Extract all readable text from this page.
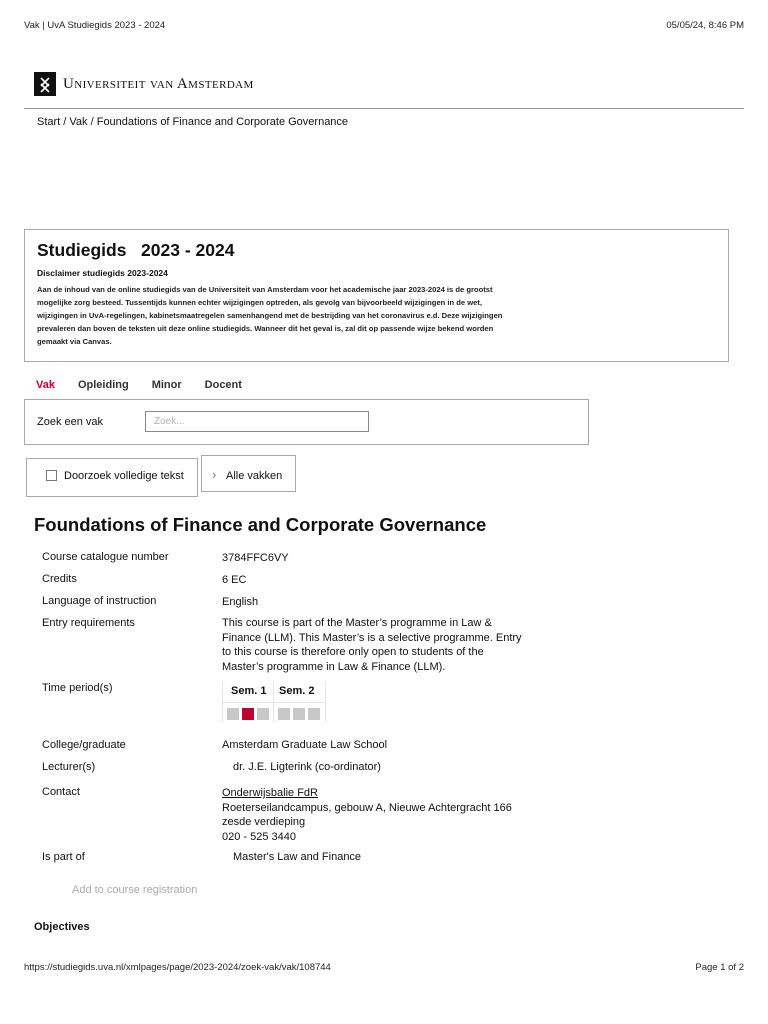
Vak | UvA Studiegids 2023 - 2024	05/05/24, 8:46 PM
Universiteit van Amsterdam
Start / Vak / Foundations of Finance and Corporate Governance
Studiegids   2023 - 2024
Disclaimer studiegids 2023-2024
Aan de inhoud van de online studiegids van de Universiteit van Amsterdam voor het academische jaar 2023-2024 is de grootst
mogelijke zorg besteed. Tussentijds kunnen echter wijzigingen optreden, als gevolg van bijvoorbeeld wijzigingen in de wet,
wijzigingen in UvA-regelingen, kabinetsmaatregelen samenhangend met de bestrijding van het coronavirus e.d. Deze wijzigingen
prevaleren dan boven de teksten uit deze online studiegids. Wanneer dit het geval is, zal dit op passende wijze bekend worden
gemaakt via Canvas.
Vak Opleiding Minor Docent
Zoek een vak
Zoek...
Doorzoek volledige tekst › Alle vakken
Foundations of Finance and Corporate Governance
Course catalogue number	3784FFC6VY
Credits	6 EC
Language of instruction	English
Entry requirements	This course is part of the Master’s programme in Law &
Finance (LLM). This Master’s is a selective programme. Entry
to this course is therefore only open to students of the
Master’s programme in Law & Finance (LLM).
Time period(s)	Sem. 1 Sem. 2
College/graduate	Amsterdam Graduate Law School
Lecturer(s)	dr. J.E. Ligterink (co-ordinator)
Contact	Onderwijsbalie FdR
Roeterseilandcampus, gebouw A, Nieuwe Achtergracht 166
zesde verdieping
020 - 525 3440
Is part of	Master's Law and Finance
Add to course registration
Objectives
https://studiegids.uva.nl/xmlpages/page/2023-2024/zoek-vak/vak/108744	Page 1 of 2
